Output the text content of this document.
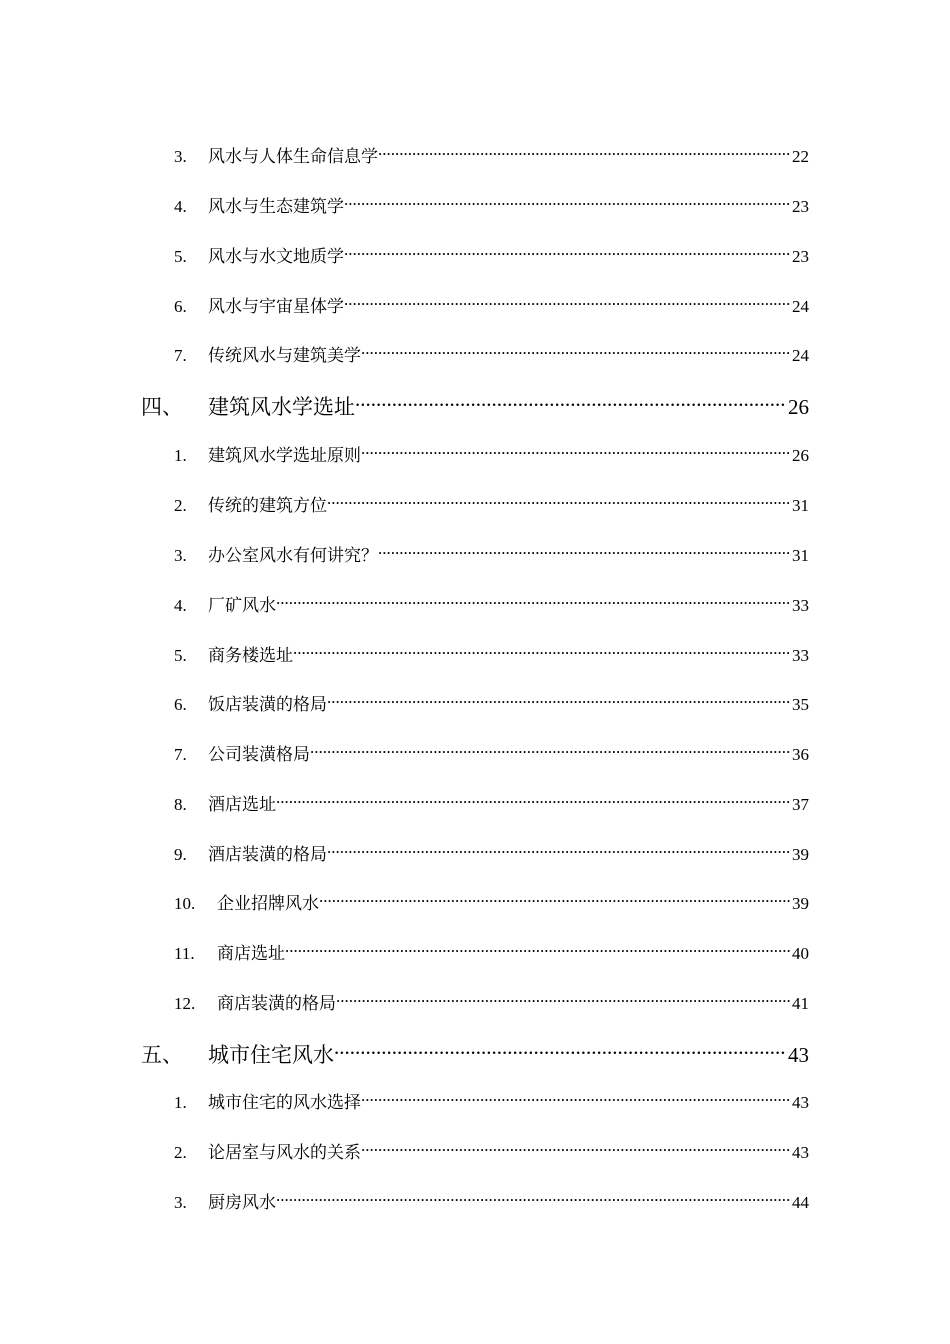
3.	风水与人体生命信息学 .....	22
4.	风水与生态建筑学 .....	23
5.	风水与水文地质学 .....	23
6.	风水与宇宙星体学 .....	24
7.	传统风水与建筑美学 .....	24
四、	建筑风水学选址 .....	26
1.	建筑风水学选址原则 .....	26
2.	传统的建筑方位 .....	31
3.	办公室风水有何讲究？ .....	31
4.	厂矿风水 .....	33
5.	商务楼选址 .....	33
6.	饭店装潢的格局 .....	35
7.	公司装潢格局 .....	36
8.	酒店选址 .....	37
9.	酒店装潢的格局 .....	39
10.	企业招牌风水 .....	39
11.	商店选址 .....	40
12.	商店装潢的格局 .....	41
五、	城市住宅风水 .....	43
1.	城市住宅的风水选择 .....	43
2.	论居室与风水的关系 .....	43
3.	厨房风水 .....	44
